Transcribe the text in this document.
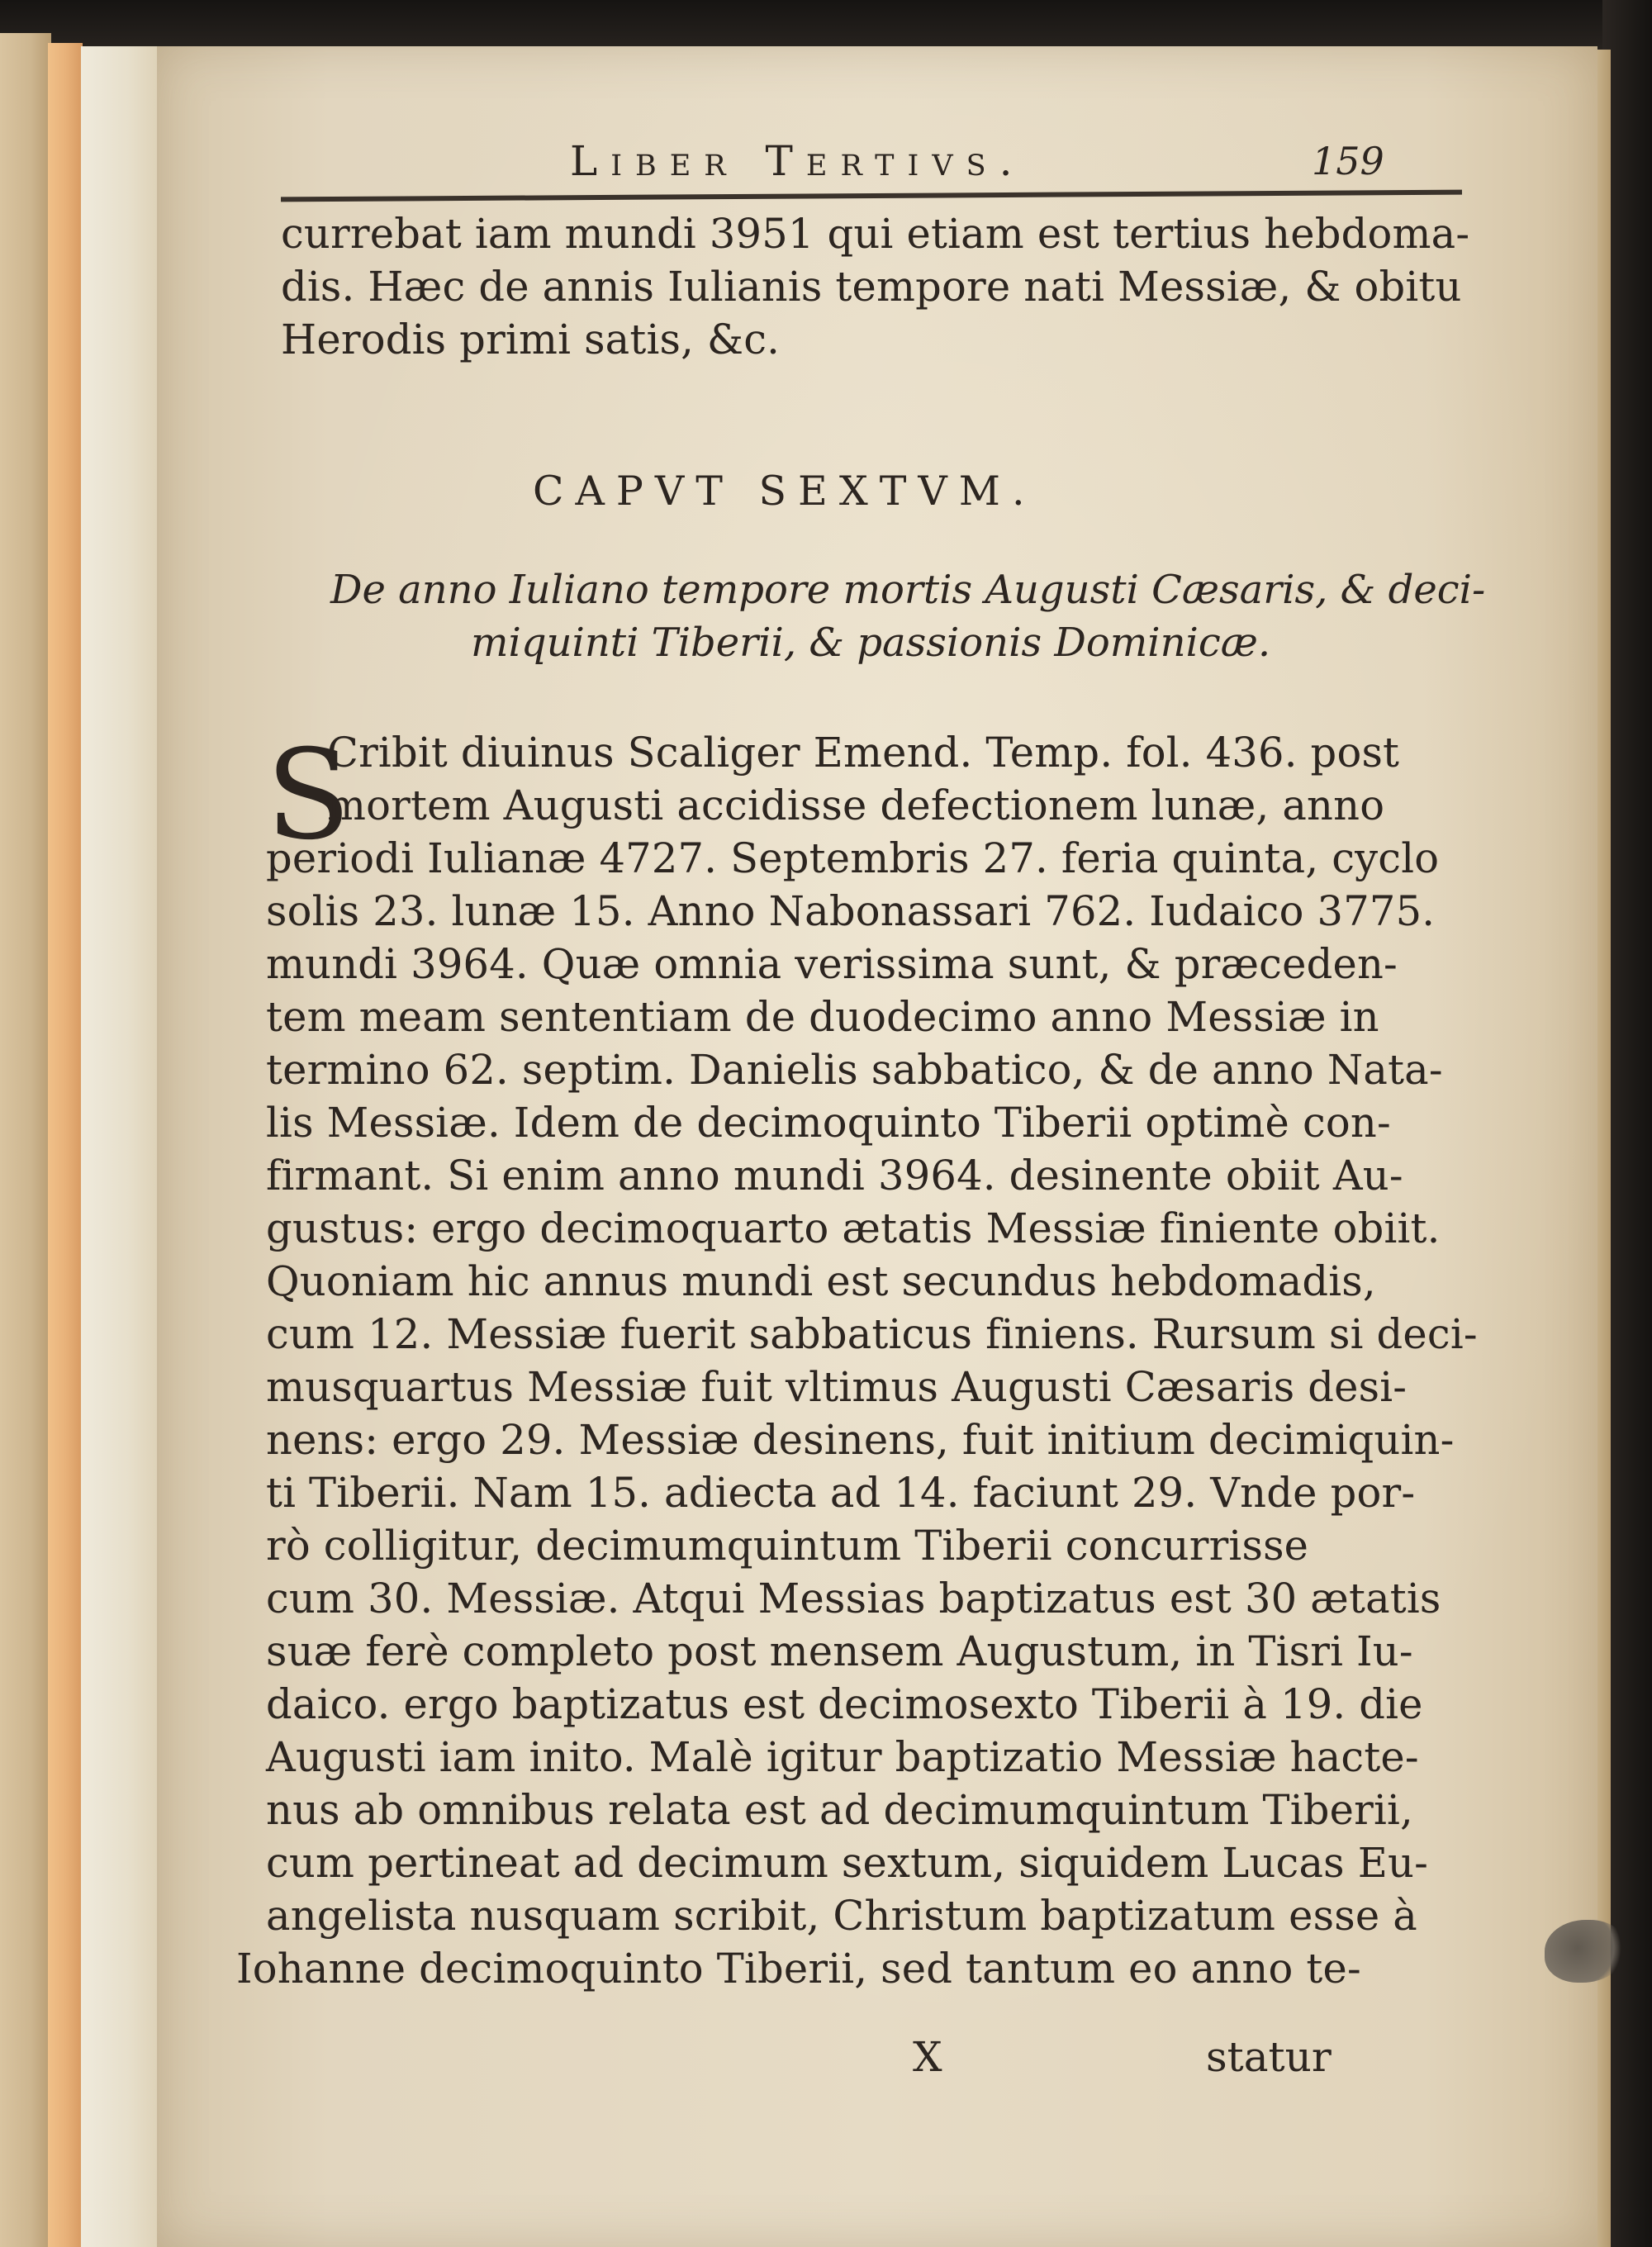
Liber Tertivs.	159
currebat iam mundi 3951 qui etiam est tertius hebdoma-
dis. Hæc de annis Iulianis tempore nati Messiæ, & obitu
Herodis primi satis, &c.
CAPVT SEXTVM.
De anno Iuliano tempore mortis Augusti Cæsaris, & deci-
miquinti Tiberii, & passionis Dominicæ.
S
Cribit diuinus Scaliger Emend. Temp. fol. 436. post
mortem Augusti accidisse defectionem lunæ, anno
periodi Iulianæ 4727. Septembris 27. feria quinta, cyclo
solis 23. lunæ 15. Anno Nabonassari 762. Iudaico 3775.
mundi 3964. Quæ omnia verissima sunt, & præceden-
tem meam sententiam de duodecimo anno Messiæ in
termino 62. septim. Danielis sabbatico, & de anno Nata-
lis Messiæ. Idem de decimoquinto Tiberii optimè con-
firmant. Si enim anno mundi 3964. desinente obiit Au-
gustus: ergo decimoquarto ætatis Messiæ finiente obiit.
Quoniam hic annus mundi est secundus hebdomadis,
cum 12. Messiæ fuerit sabbaticus finiens. Rursum si deci-
musquartus Messiæ fuit vltimus Augusti Cæsaris desi-
nens: ergo 29. Messiæ desinens, fuit initium decimiquin-
ti Tiberii. Nam 15. adiecta ad 14. faciunt 29. Vnde por-
rò colligitur, decimumquintum Tiberii concurrisse
cum 30. Messiæ. Atqui Messias baptizatus est 30 ætatis
suæ ferè completo post mensem Augustum, in Tisri Iu-
daico. ergo baptizatus est decimosexto Tiberii à 19. die
Augusti iam inito. Malè igitur baptizatio Messiæ hacte-
nus ab omnibus relata est ad decimumquintum Tiberii,
cum pertineat ad decimum sextum, siquidem Lucas Eu-
angelista nusquam scribit, Christum baptizatum esse à
Iohanne decimoquinto Tiberii, sed tantum eo anno te-
X	statur
